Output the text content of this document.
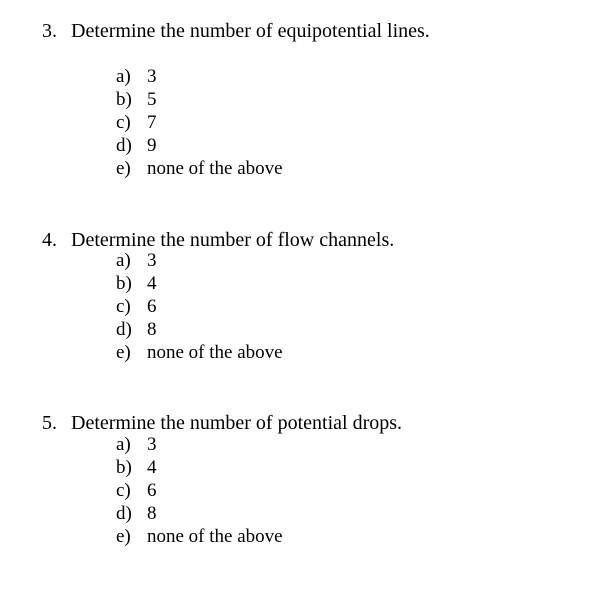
3. Determine the number of equipotential lines.
a) 3
b) 5
c) 7
d) 9
e) none of the above
4. Determine the number of flow channels.
a) 3
b) 4
c) 6
d) 8
e) none of the above
5. Determine the number of potential drops.
a) 3
b) 4
c) 6
d) 8
e) none of the above
